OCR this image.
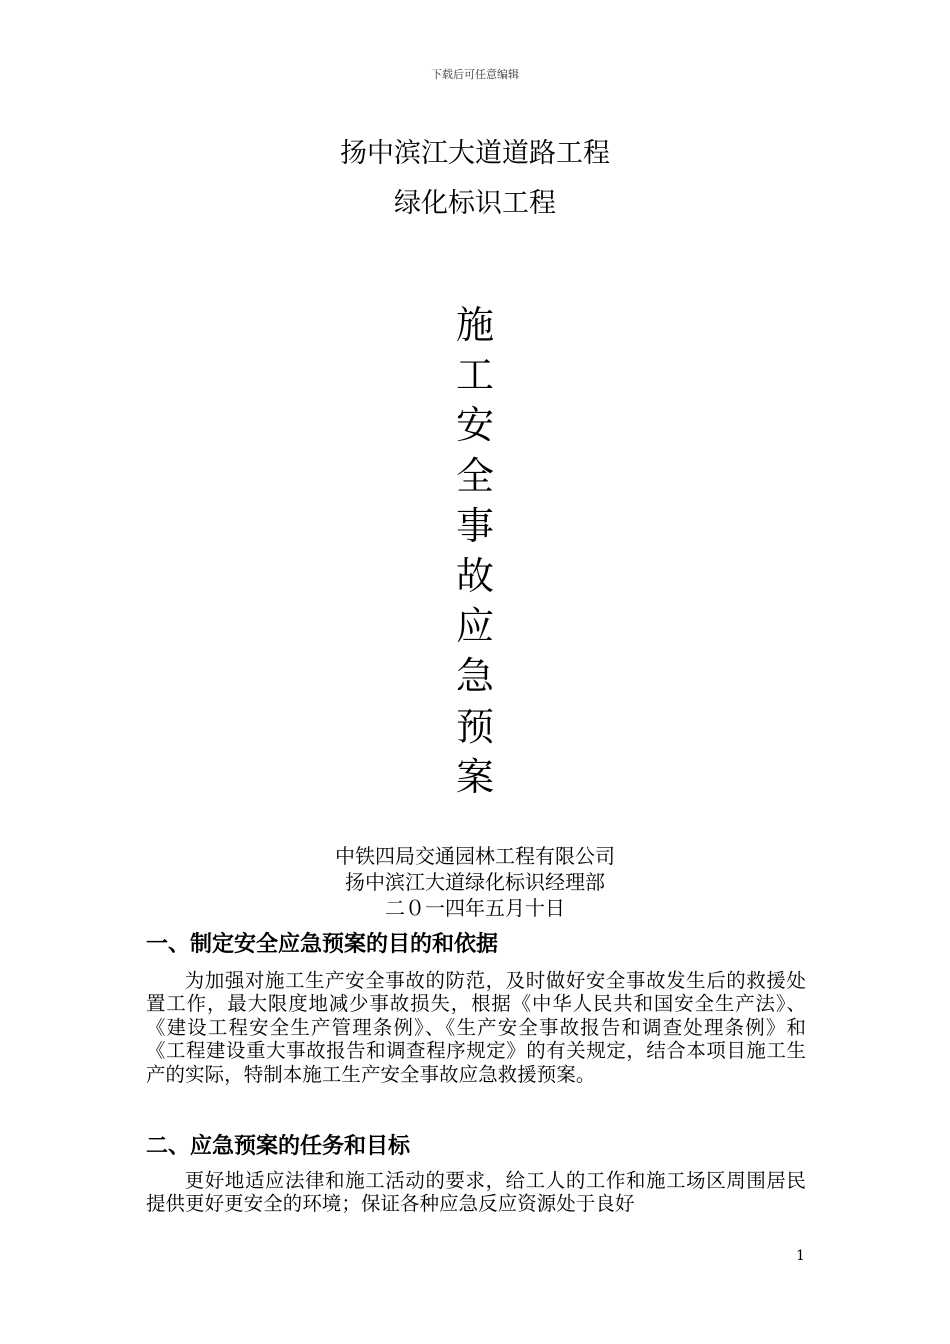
下载后可任意编辑
扬中滨江大道道路工程
绿化标识工程
施
工
安
全
事
故
应
急
预
案
中铁四局交通园林工程有限公司
扬中滨江大道绿化标识经理部
二０一四年五月十日
一、制定安全应急预案的目的和依据
为加强对施工生产安全事故的防范，及时做好安全事故发生后的救援处置工作，最大限度地减少事故损失，根据《中华人民共和国安全生产法》、《建设工程安全生产管理条例》、《生产安全事故报告和调查处理条例》和《工程建设重大事故报告和调查程序规定》的有关规定，结合本项目施工生产的实际，特制本施工生产安全事故应急救援预案。
二、应急预案的任务和目标
更好地适应法律和施工活动的要求，给工人的工作和施工场区周围居民提供更好更安全的环境；保证各种应急反应资源处于良好
1
